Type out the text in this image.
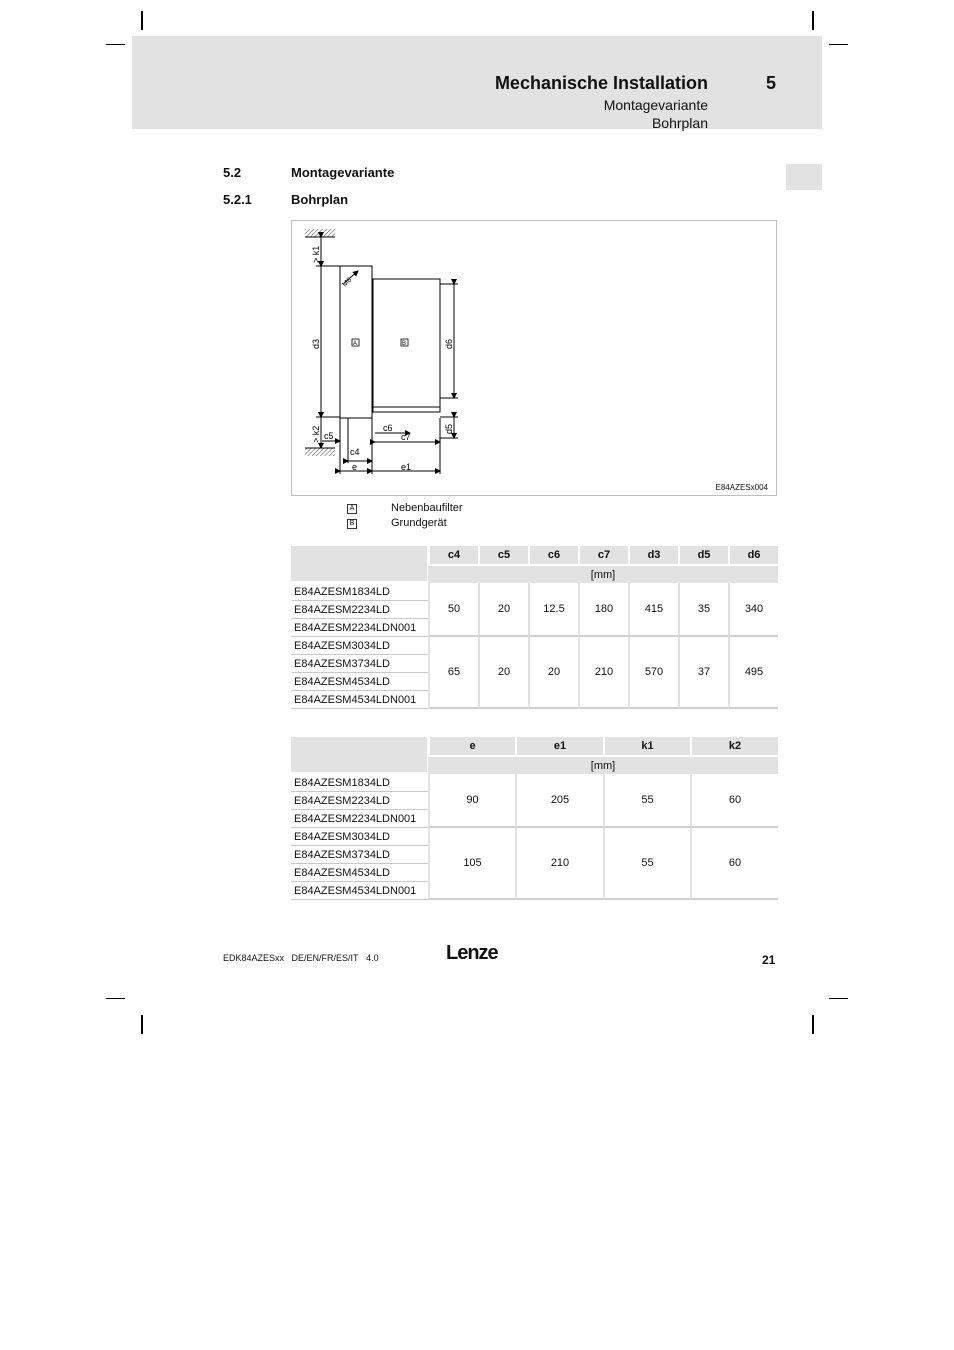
Mechanische Installation	5
Montagevariante
Bohrplan
5.2	Montagevariante
5.2.1	Bohrplan
> k1
d3
> k2
d6
d5
M6
A	B
c6
c7
c5
c4
e	e1
E84AZESx004
A	Nebenbaufilter
B	Grundgerät
	c4	c5	c6	c7	d3	d5	d6
	[mm]						
E84AZESM1834LD	50	20	12.5	180	415	35	340
E84AZESM2234LD							
E84AZESM2234LDN001							
E84AZESM3034LD	65	20	20	210	570	37	495
E84AZESM3734LD							
E84AZESM4534LD							
E84AZESM4534LDN001							
	e	e1	k1	k2
	[mm]			
E84AZESM1834LD	90	205	55	60
E84AZESM2234LD				
E84AZESM2234LDN001				
E84AZESM3034LD	105	210	55	60
E84AZESM3734LD				
E84AZESM4534LD				
E84AZESM4534LDN001				
EDK84AZESxx DE/EN/FR/ES/IT 4.0	Lenze	21
